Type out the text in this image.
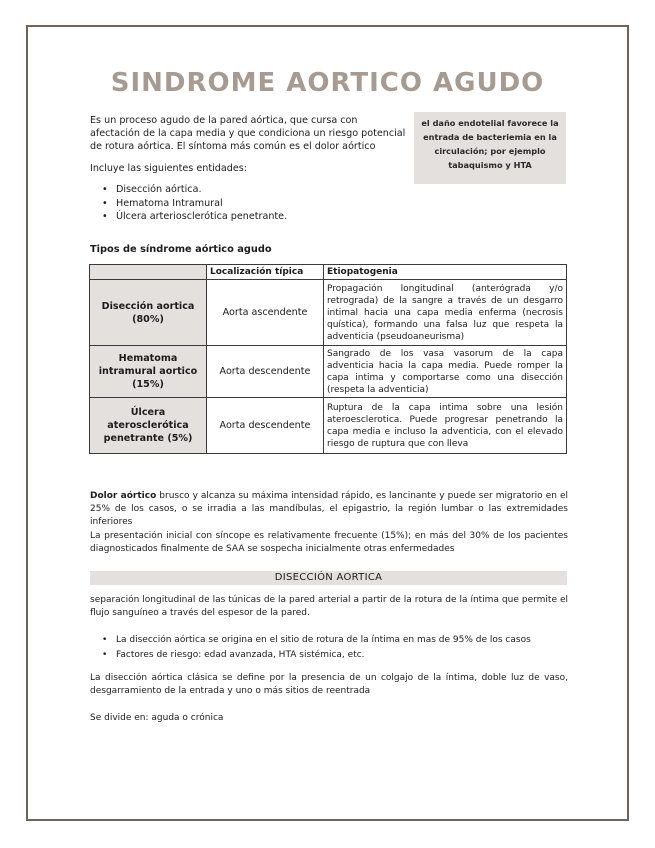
SINDROME AORTICO AGUDO
Es un proceso agudo de la pared aórtica, que cursa con afectación de la capa media y que condiciona un riesgo potencial de rotura aórtica. El síntoma más común es el dolor aórtico
el daño endotelial favorece la entrada de bacteriemia en la circulación; por ejemplo tabaquismo y HTA
Incluye las siguientes entidades:
• Disección aórtica.
• Hematoma Intramural
• Úlcera arteriosclerótica penetrante.
Tipos de síndrome aórtico agudo
	Localización típica	Etiopatogenia
Disección aortica (80%)	Aorta ascendente	Propagación longitudinal (anterógrada y/o retrograda) de la sangre a través de un desgarro intimal hacia una capa media enferma (necrosis quística), formando una falsa luz que respeta la adventicia (pseudoaneurisma)
Hematoma intramural aortico (15%)	Aorta descendente	Sangrado de los vasa vasorum de la capa adventicia hacia la capa media. Puede romper la capa intima y comportarse como una disección (respeta la adventicia)
Úlcera aterosclerótica penetrante (5%)	Aorta descendente	Ruptura de la capa intima sobre una lesión ateroesclerotica. Puede progresar penetrando la capa media e incluso la adventicia, con el elevado riesgo de ruptura que con lleva
Dolor aórtico brusco y alcanza su máxima intensidad rápido, es lancinante y puede ser migratorio en el 25% de los casos, o se irradia a las mandíbulas, el epigastrio, la región lumbar o las extremidades inferiores
La presentación inicial con síncope es relativamente frecuente (15%); en más del 30% de los pacientes diagnosticados finalmente de SAA se sospecha inicialmente otras enfermedades
DISECCIÓN AORTICA
separación longitudinal de las túnicas de la pared arterial a partir de la rotura de la íntima que permite el flujo sanguíneo a través del espesor de la pared.
• La disección aórtica se origina en el sitio de rotura de la íntima en mas de 95% de los casos
• Factores de riesgo: edad avanzada, HTA sistémica, etc.
La disección aórtica clásica se define por la presencia de un colgajo de la íntima, doble luz de vaso, desgarramiento de la entrada y uno o más sitios de reentrada
Se divide en: aguda o crónica
